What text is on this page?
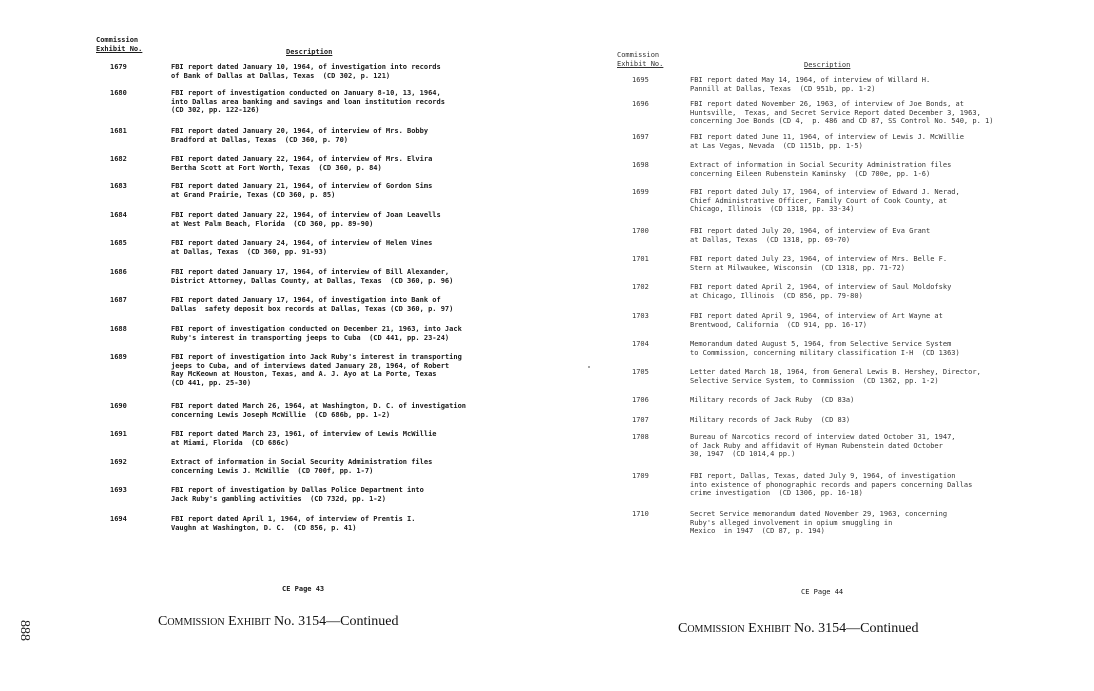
Commission
Exhibit No.	Description
1679	FBI report dated January 10, 1964, of investigation into records
of Bank of Dallas at Dallas, Texas  (CD 302, p. 121)
1680	FBI report of investigation conducted on January 8-10, 13, 1964,
into Dallas area banking and savings and loan institution records
(CD 302, pp. 122-126)
1681	FBI report dated January 20, 1964, of interview of Mrs. Bobby
Bradford at Dallas, Texas  (CD 360, p. 70)
1682	FBI report dated January 22, 1964, of interview of Mrs. Elvira
Bertha Scott at Fort Worth, Texas  (CD 360, p. 84)
1683	FBI report dated January 21, 1964, of interview of Gordon Sims
at Grand Prairie, Texas (CD 360, p. 85)
1684	FBI report dated January 22, 1964, of interview of Joan Leavells
at West Palm Beach, Florida  (CD 360, pp. 89-90)
1685	FBI report dated January 24, 1964, of interview of Helen Vines
at Dallas, Texas  (CD 360, pp. 91-93)
1686	FBI report dated January 17, 1964, of interview of Bill Alexander,
District Attorney, Dallas County, at Dallas, Texas  (CD 360, p. 96)
1687	FBI report dated January 17, 1964, of investigation into Bank of
Dallas  safety deposit box records at Dallas, Texas (CD 360, p. 97)
1688	FBI report of investigation conducted on December 21, 1963, into Jack
Ruby's interest in transporting jeeps to Cuba  (CD 441, pp. 23-24)
1689	FBI report of investigation into Jack Ruby's interest in transporting
jeeps to Cuba, and of interviews dated January 28, 1964, of Robert
Ray McKeown at Houston, Texas, and A. J. Ayo at La Porte, Texas
(CD 441, pp. 25-30)
1690	FBI report dated March 26, 1964, at Washington, D. C. of investigation
concerning Lewis Joseph McWillie  (CD 686b, pp. 1-2)
1691	FBI report dated March 23, 1961, of interview of Lewis McWillie
at Miami, Florida  (CD 686c)
1692	Extract of information in Social Security Administration files
concerning Lewis J. McWillie  (CD 700f, pp. 1-7)
1693	FBI report of investigation by Dallas Police Department into
Jack Ruby's gambling activities  (CD 732d, pp. 1-2)
1694	FBI report dated April 1, 1964, of interview of Prentis I.
Vaughn at Washington, D. C.  (CD 856, p. 41)
CE Page 43
Commission Exhibit No. 3154—Continued
888
Commission
Exhibit No.	Description
1695	FBI report dated May 14, 1964, of interview of Willard H.
Pannill at Dallas, Texas  (CD 951b, pp. 1-2)
1696	FBI report dated November 26, 1963, of interview of Joe Bonds, at
Huntsville,  Texas, and Secret Service Report dated December 3, 1963,
concerning Joe Bonds (CD 4,  p. 486 and CD 87, SS Control No. 540, p. 1)
1697	FBI report dated June 11, 1964, of interview of Lewis J. McWillie
at Las Vegas, Nevada  (CD 1151b, pp. 1-5)
1698	Extract of information in Social Security Administration files
concerning Eileen Rubenstein Kaminsky  (CD 700e, pp. 1-6)
1699	FBI report dated July 17, 1964, of interview of Edward J. Nerad,
Chief Administrative Officer, Family Court of Cook County, at
Chicago, Illinois  (CD 1318, pp. 33-34)
1700	FBI report dated July 20, 1964, of interview of Eva Grant
at Dallas, Texas  (CD 1318, pp. 69-70)
1701	FBI report dated July 23, 1964, of interview of Mrs. Belle F.
Stern at Milwaukee, Wisconsin  (CD 1318, pp. 71-72)
1702	FBI report dated April 2, 1964, of interview of Saul Moldofsky
at Chicago, Illinois  (CD 856, pp. 79-80)
1703	FBI report dated April 9, 1964, of interview of Art Wayne at
Brentwood, California  (CD 914, pp. 16-17)
1704	Memorandum dated August 5, 1964, from Selective Service System
to Commission, concerning military classification I-H  (CD 1363)
1705	Letter dated March 18, 1964, from General Lewis B. Hershey, Director,
Selective Service System, to Commission  (CD 1362, pp. 1-2)
1706	Military records of Jack Ruby  (CD 83a)
1707	Military records of Jack Ruby  (CD 83)
1708	Bureau of Narcotics record of interview dated October 31, 1947,
of Jack Ruby and affidavit of Hyman Rubenstein dated October
30, 1947  (CD 1014,4 pp.)
1709	FBI report, Dallas, Texas, dated July 9, 1964, of investigation
into existence of phonographic records and papers concerning Dallas
crime investigation  (CD 1306, pp. 16-18)
1710	Secret Service memorandum dated November 29, 1963, concerning
Ruby's alleged involvement in opium smuggling in
Mexico  in 1947  (CD 87, p. 194)
CE Page 44
Commission Exhibit No. 3154—Continued
